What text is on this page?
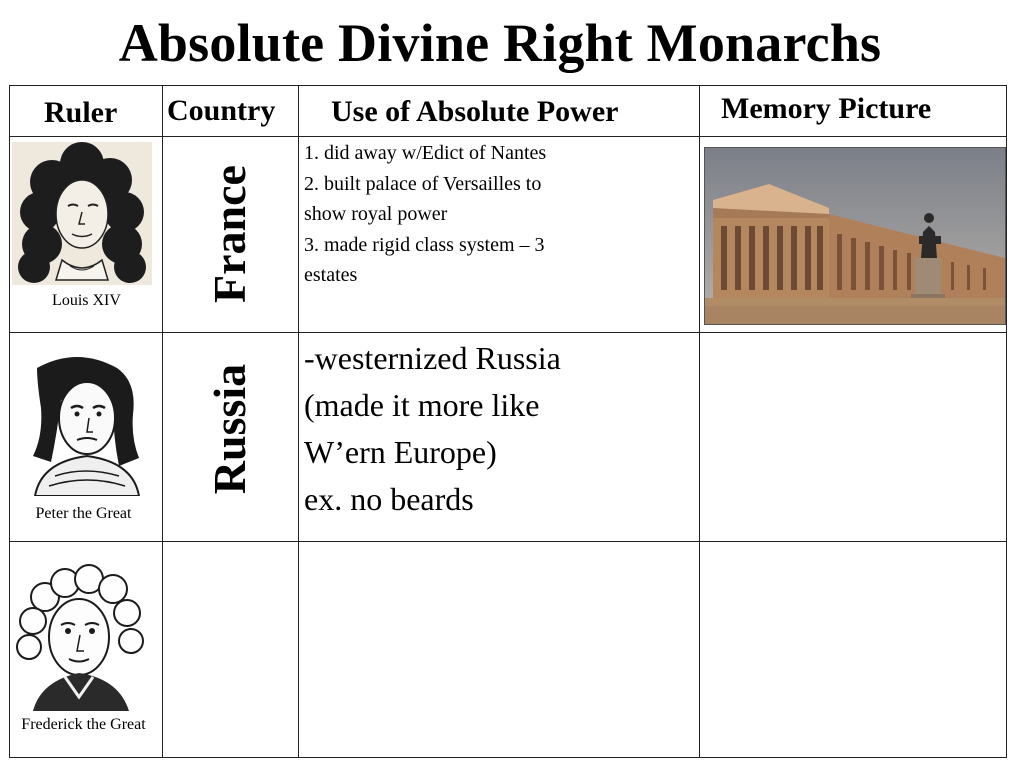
Absolute Divine Right Monarchs
Ruler Country Use of Absolute Power	Memory Picture
Louis XIV	France
1. did away w/Edict of Nantes
2. built palace of Versailles to
show royal power
3. made rigid class system – 3
estates
Peter the Great
Russia
-westernized Russia
(made it more like
W’ern Europe)
ex. no beards
Frederick the Great
